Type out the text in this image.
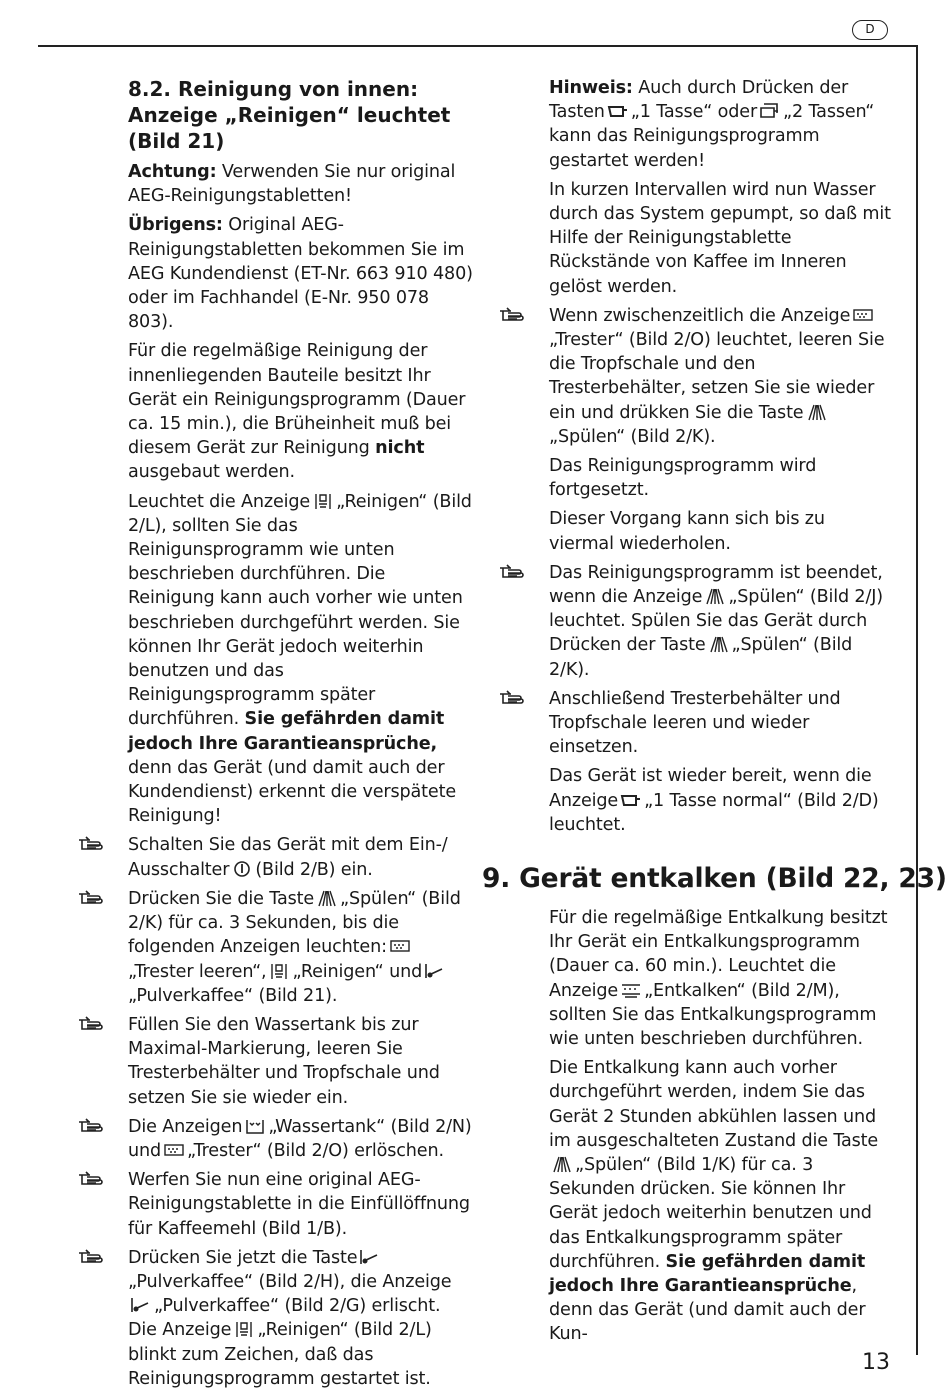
D
13
8.2. Reinigung von innen: Anzeige „Reinigen“ leuchtet (Bild 21)

Achtung: Verwenden Sie nur original AEG-Reinigungstabletten!

Übrigens: Original AEG-Reinigungstabletten bekommen Sie im AEG Kundendienst (ET-Nr. 663 910 480) oder im Fachhandel (E-Nr. 950 078 803).

Für die regelmäßige Reinigung der innenliegenden Bauteile besitzt Ihr Gerät ein Reinigungsprogramm (Dauer ca. 15 min.), die Brüheinheit muß bei diesem Gerät zur Reinigung nicht ausgebaut werden.

Leuchtet die Anzeige „Reinigen“ (Bild 2/L), sollten Sie das Reinigunsprogramm wie unten beschrieben durchführen. Die Reinigung kann auch vorher wie unten beschrieben durchgeführt werden. Sie können Ihr Gerät jedoch weiterhin benutzen und das Reinigungsprogramm später durchführen. Sie gefährden damit jedoch Ihre Garantieansprüche, denn das Gerät (und damit auch der Kundendienst) erkennt die verspätete Reinigung!

Schalten Sie das Gerät mit dem Ein-/ Ausschalter (Bild 2/B) ein.

Drücken Sie die Taste „Spülen“ (Bild 2/K) für ca. 3 Sekunden, bis die folgenden Anzeigen leuchten:„Trester leeren“, „Reinigen“ und„Pulverkaffee“ (Bild 21).

Füllen Sie den Wassertank bis zur Maximal-Markierung, leeren Sie Tresterbehälter und Tropfschale und setzen Sie sie wieder ein.

Die Anzeigen „Wassertank“ (Bild 2/N) und „Trester“ (Bild 2/O) erlöschen.

Werfen Sie nun eine original AEG-Reinigungstablette in die Einfüllöffnung für Kaffeemehl (Bild 1/B).

Drücken Sie jetzt die Taste„Pulverkaffee“ (Bild 2/H), die Anzeige„Pulverkaffee“ (Bild 2/G) erlischt. Die Anzeige „Reinigen“ (Bild 2/L) blinkt zum Zeichen, daß das Reinigungsprogramm gestartet ist.

Hinweis: Auch durch Drücken der Tasten „1 Tasse“ oder „2 Tassen“ kann das Reinigungsprogramm gestartet werden!

In kurzen Intervallen wird nun Wasser durch das System gepumpt, so daß mit Hilfe der Reinigungstablette Rückstände von Kaffee im Inneren gelöst werden.

Wenn zwischenzeitlich die Anzeige„Trester“ (Bild 2/O) leuchtet, leeren Sie die Tropfschale und den Tresterbehälter, setzen Sie sie wieder ein und drükken Sie die Taste„Spülen“ (Bild 2/K).

Das Reinigungsprogramm wird fortgesetzt.

Dieser Vorgang kann sich bis zu viermal wiederholen.

Das Reinigungsprogramm ist beendet, wenn die Anzeige „Spülen“ (Bild 2/J) leuchtet. Spülen Sie das Gerät durch Drücken der Taste „Spülen“ (Bild 2/K).

Anschließend Tresterbehälter und Tropfschale leeren und wieder einsetzen.

Das Gerät ist wieder bereit, wenn die Anzeige „1 Tasse normal“ (Bild 2/D) leuchtet.

9. Gerät entkalken (Bild 22, 23)

Für die regelmäßige Entkalkung besitzt Ihr Gerät ein Entkalkungsprogramm (Dauer ca. 60 min.). Leuchtet die Anzeige „Entkalken“ (Bild 2/M), sollten Sie das Entkalkungsprogramm wie unten beschrieben durchführen.

Die Entkalkung kann auch vorher durchgeführt werden, indem Sie das Gerät 2 Stunden abkühlen lassen und im ausgeschalteten Zustand die Taste„Spülen“ (Bild 1/K) für ca. 3 Sekunden drücken. Sie können Ihr Gerät jedoch weiterhin benutzen und das Entkalkungsprogramm später durchführen. Sie gefährden damit jedoch Ihre Garantieansprüche, denn das Gerät (und damit auch der Kun-
